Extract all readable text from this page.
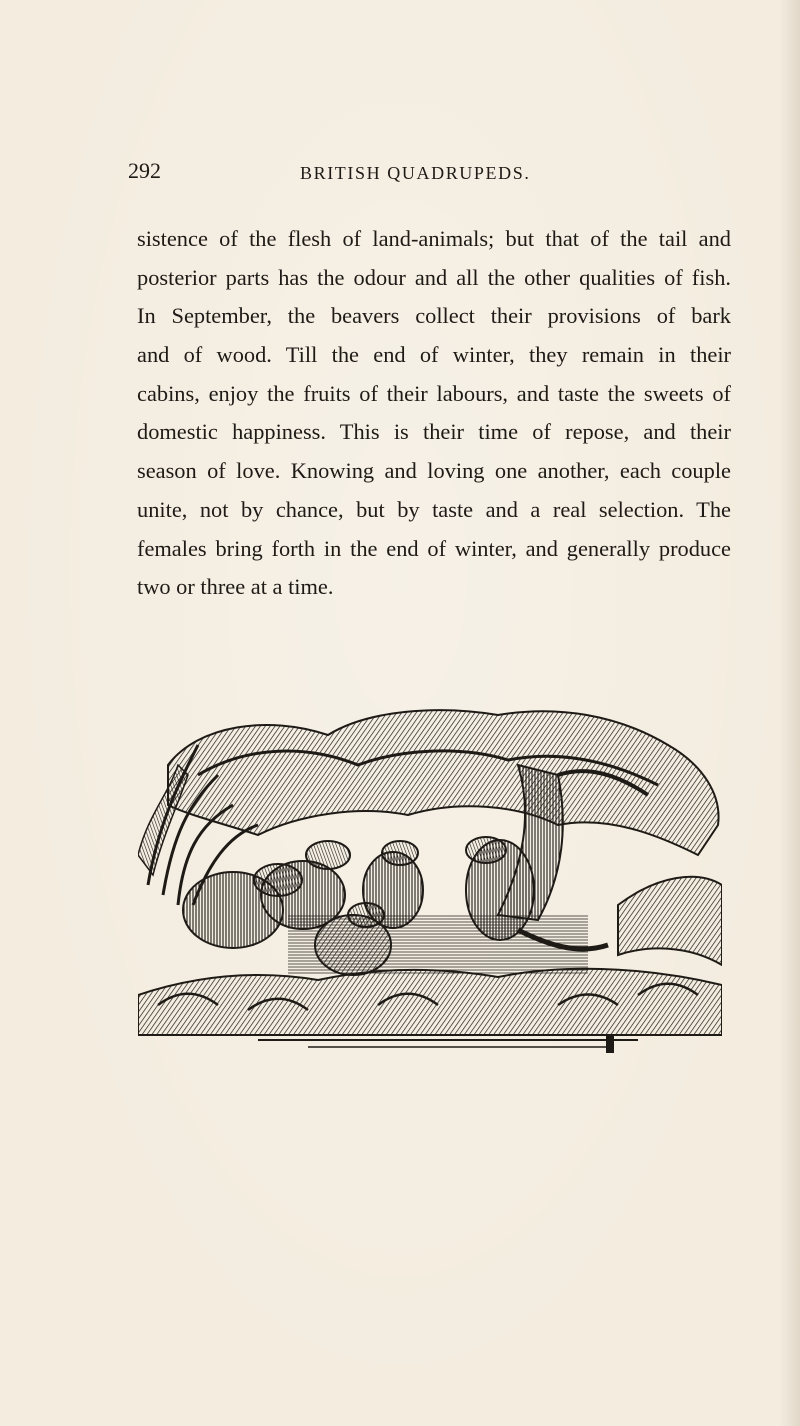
292	BRITISH QUADRUPEDS.
sistence of the flesh of land-animals; but that of the tail and
posterior parts has the odour and all the other qualities of fish.
In September, the beavers collect their provisions of bark
and of wood. Till the end of winter, they remain in their
cabins, enjoy the fruits of their labours, and taste the sweets of
domestic happiness. This is their time of repose, and their
season of love. Knowing and loving one another, each couple
unite, not by chance, but by taste and a real selection. The
females bring forth in the end of winter, and generally produce
two or three at a time.
